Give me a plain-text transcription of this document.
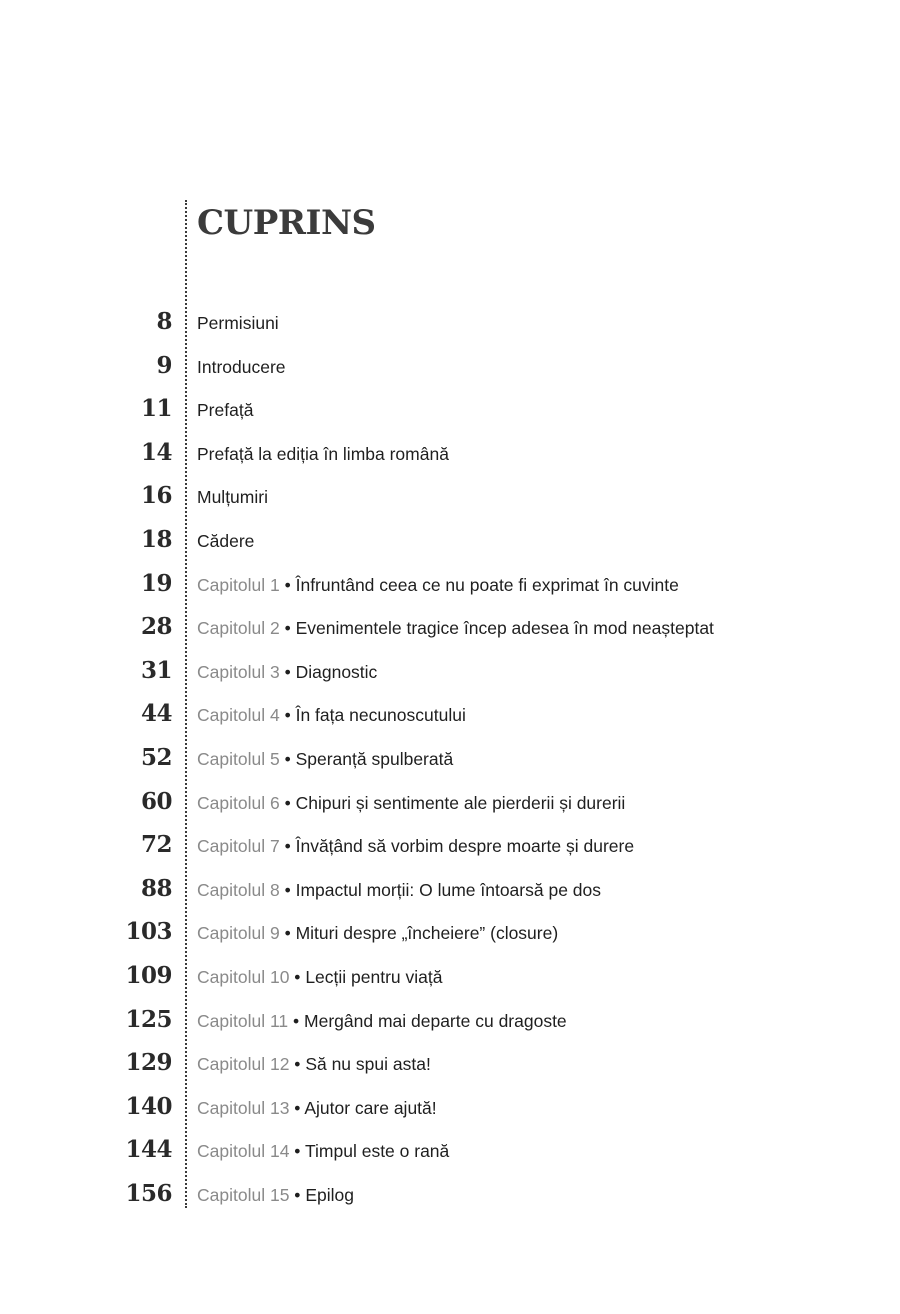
CUPRINS
8 Permisiuni
9 Introducere
11 Prefață
14 Prefață la ediția în limba română
16 Mulțumiri
18 Cădere
19 Capitolul 1 • Înfruntând ceea ce nu poate fi exprimat în cuvinte
28 Capitolul 2 • Evenimentele tragice încep adesea în mod neașteptat
31 Capitolul 3 • Diagnostic
44 Capitolul 4 • În fața necunoscutului
52 Capitolul 5 • Speranță spulberată
60 Capitolul 6 • Chipuri și sentimente ale pierderii și durerii
72 Capitolul 7 • Învățând să vorbim despre moarte și durere
88 Capitolul 8 • Impactul morții: O lume întoarsă pe dos
103 Capitolul 9 • Mituri despre „încheiere” (closure)
109 Capitolul 10 • Lecții pentru viață
125 Capitolul 11 • Mergând mai departe cu dragoste
129 Capitolul 12 • Să nu spui asta!
140 Capitolul 13 • Ajutor care ajută!
144 Capitolul 14 • Timpul este o rană
156 Capitolul 15 • Epilog
